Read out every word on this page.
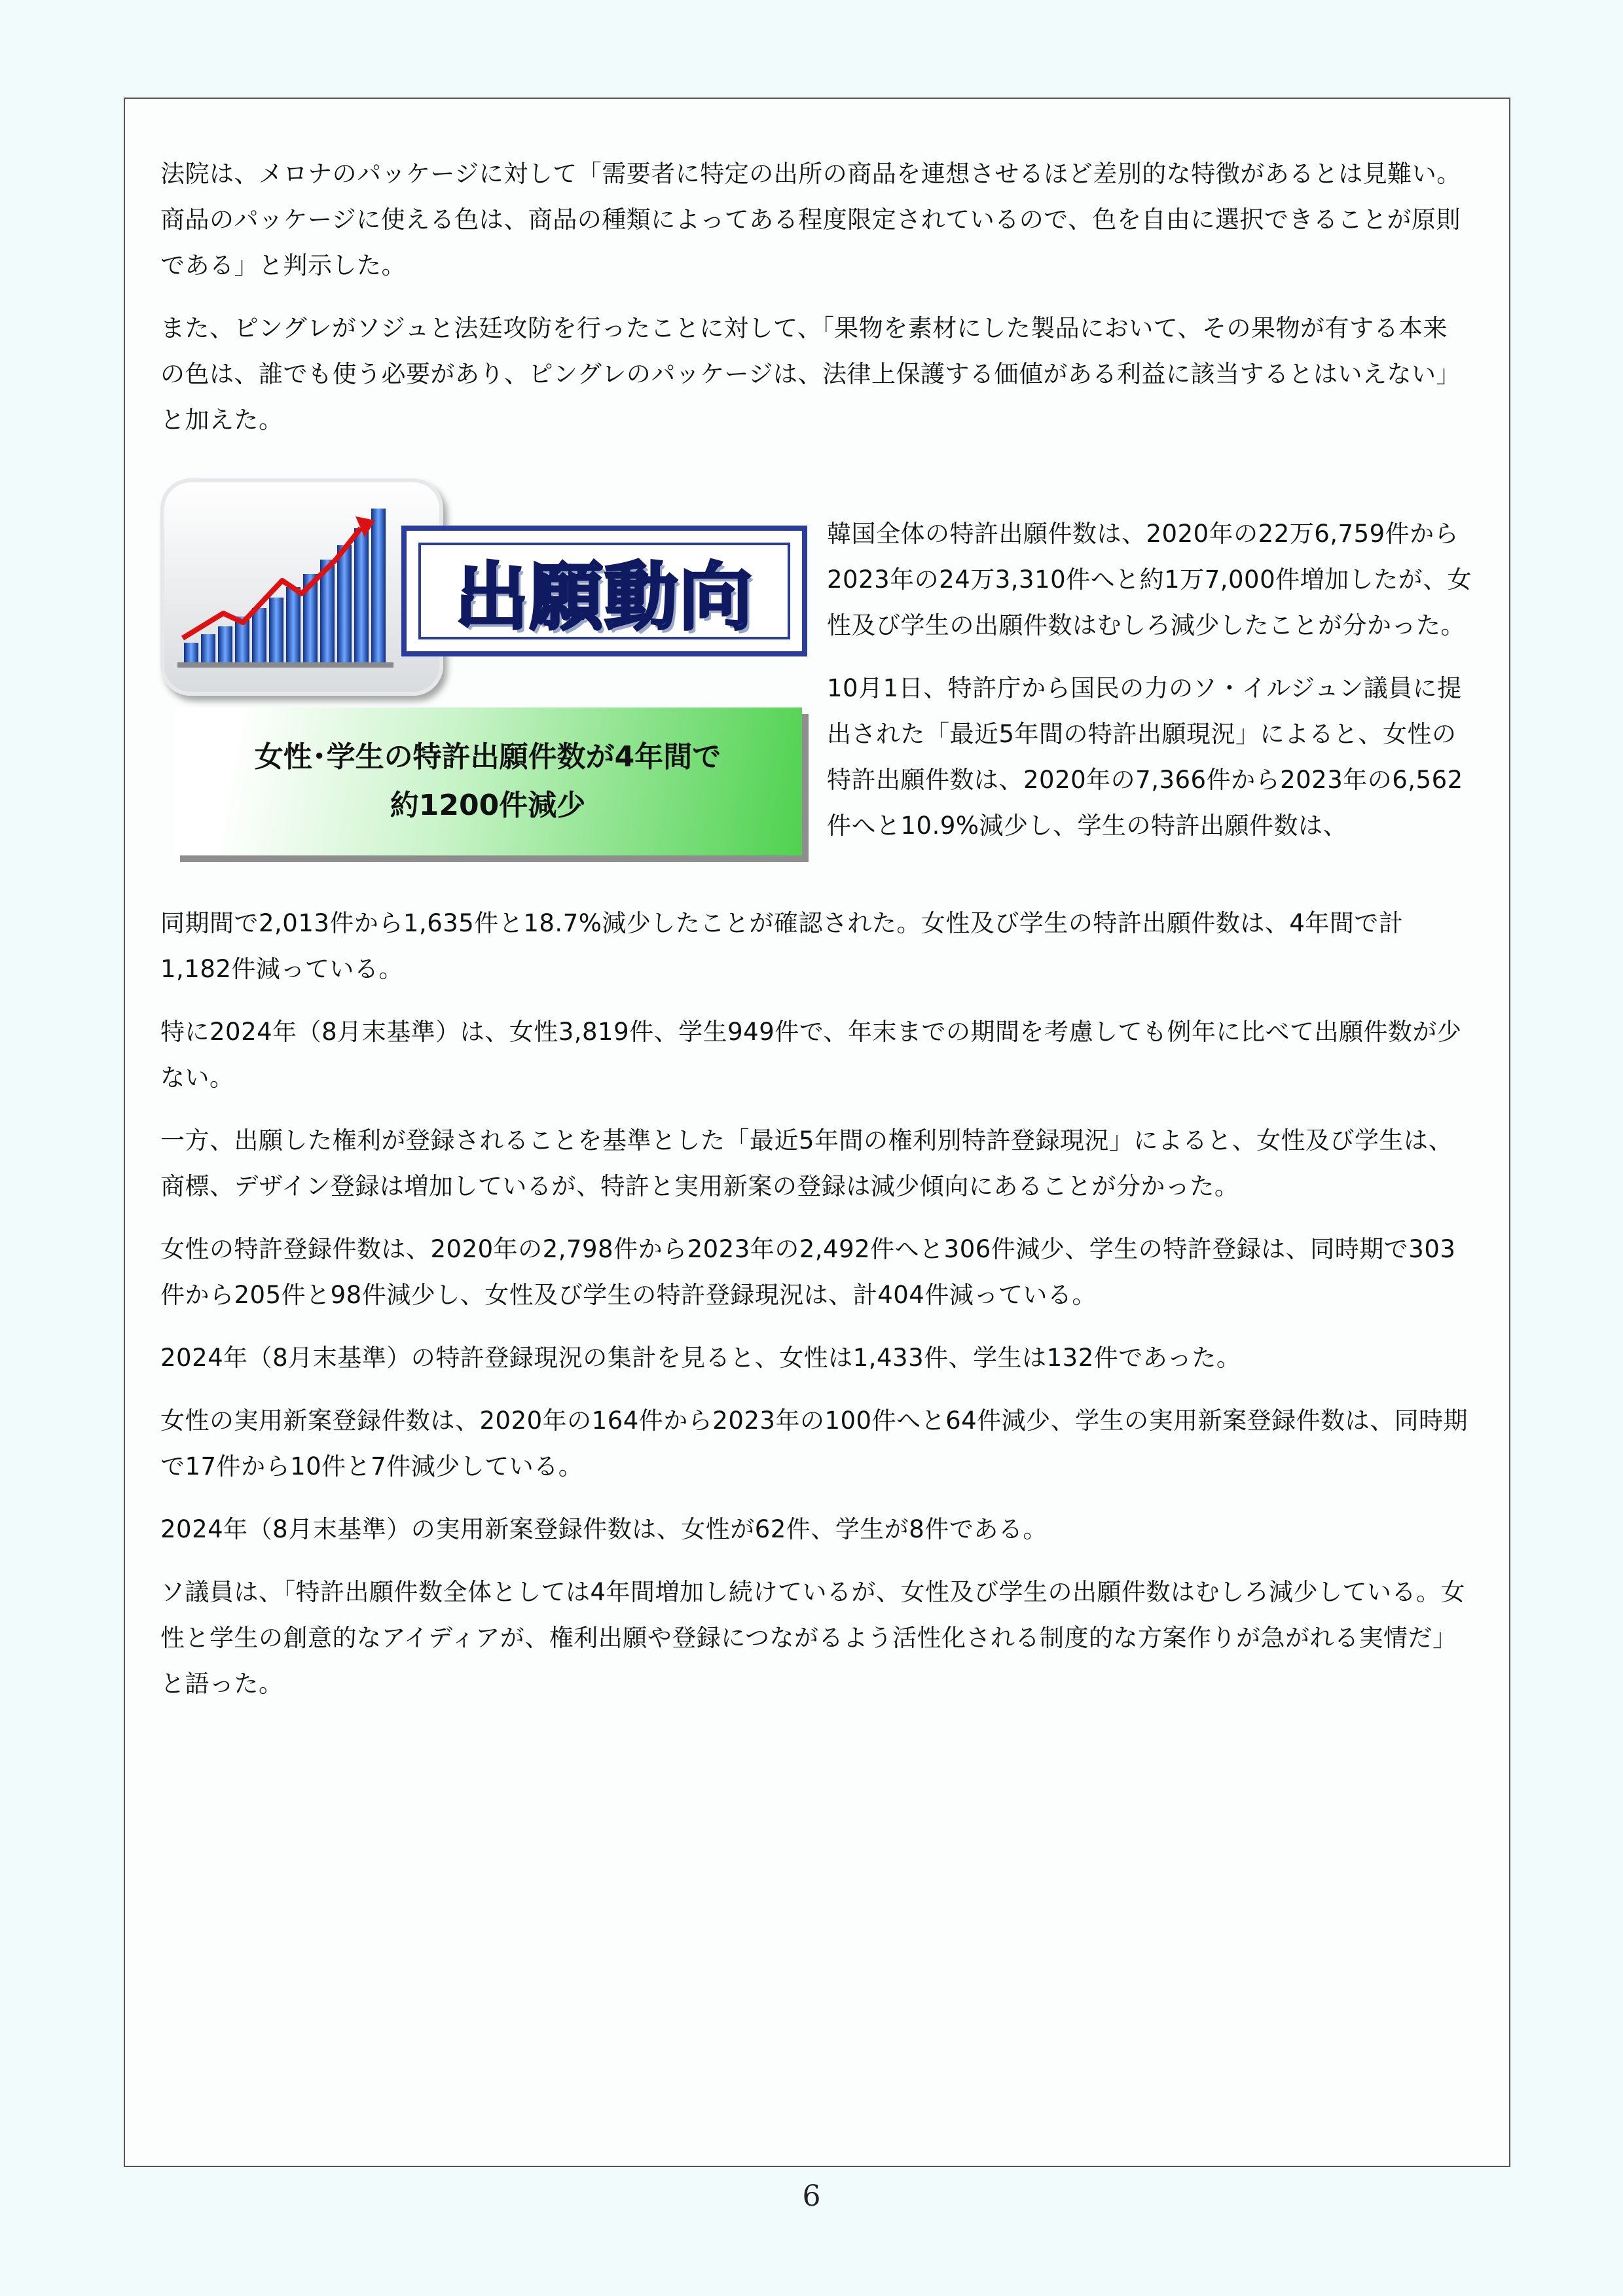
法院は、メロナのパッケージに対して「需要者に特定の出所の商品を連想させるほど差別的な特徴があるとは見難い。商品のパッケージに使える色は、商品の種類によってある程度限定されているので、色を自由に選択できることが原則である」と判示した。

また、ピングレがソジュと法廷攻防を行ったことに対して、「果物を素材にした製品において、その果物が有する本来の色は、誰でも使う必要があり、ピングレのパッケージは、法律上保護する価値がある利益に該当するとはいえない」と加えた。

出願動向
女性･学生の特許出願件数が4年間で
約1200件減少

韓国全体の特許出願件数は、2020年の22万6,759件から2023年の24万3,310件へと約1万7,000件増加したが、女性及び学生の出願件数はむしろ減少したことが分かった。

10月1日、特許庁から国民の力のソ・イルジュン議員に提出された「最近5年間の特許出願現況」によると、女性の特許出願件数は、2020年の7,366件から2023年の6,562件へと10.9%減少し、学生の特許出願件数は、

同期間で2,013件から1,635件と18.7%減少したことが確認された。女性及び学生の特許出願件数は、4年間で計1,182件減っている。

特に2024年（8月末基準）は、女性3,819件、学生949件で、年末までの期間を考慮しても例年に比べて出願件数が少ない。

一方、出願した権利が登録されることを基準とした「最近5年間の権利別特許登録現況」によると、女性及び学生は、商標、デザイン登録は増加しているが、特許と実用新案の登録は減少傾向にあることが分かった。

女性の特許登録件数は、2020年の2,798件から2023年の2,492件へと306件減少、学生の特許登録は、同時期で303件から205件と98件減少し、女性及び学生の特許登録現況は、計404件減っている。

2024年（8月末基準）の特許登録現況の集計を見ると、女性は1,433件、学生は132件であった。

女性の実用新案登録件数は、2020年の164件から2023年の100件へと64件減少、学生の実用新案登録件数は、同時期で17件から10件と7件減少している。

2024年（8月末基準）の実用新案登録件数は、女性が62件、学生が8件である。

ソ議員は、「特許出願件数全体としては4年間増加し続けているが、女性及び学生の出願件数はむしろ減少している。女性と学生の創意的なアイディアが、権利出願や登録につながるよう活性化される制度的な方案作りが急がれる実情だ」と語った。

6
